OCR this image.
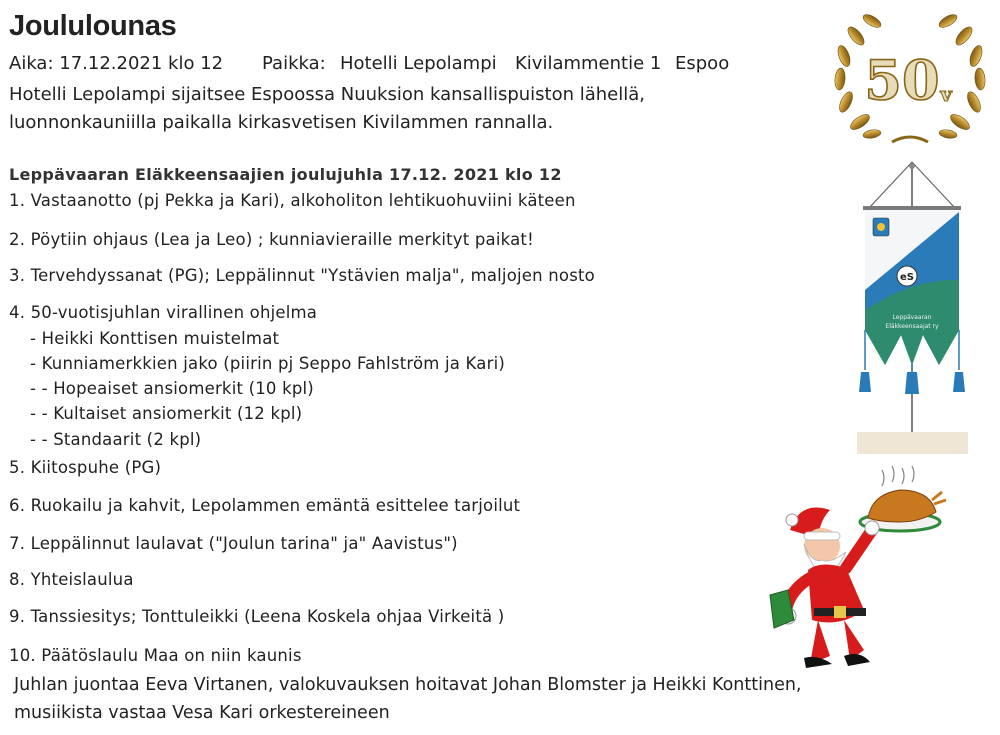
Joululounas
Aika: 17.12.2021 klo 12 Paikka: Hotelli Lepolampi Kivilammentie 1 Espoo
Hotelli Lepolampi sijaitsee Espoossa Nuuksion kansallispuiston lähellä,
luonnonkauniilla paikalla kirkasvetisen Kivilammen rannalla.
Leppävaaran Eläkkeensaajien joulujuhla 17.12. 2021 klo 12
1. Vastaanotto (pj Pekka ja Kari), alkoholiton lehtikuohuviini käteen
2. Pöytiin ohjaus (Lea ja Leo) ; kunniavieraille merkityt paikat!
3. Tervehdyssanat (PG); Leppälinnut "Ystävien malja", maljojen nosto
4. 50-vuotisjuhlan virallinen ohjelma
- Heikki Konttisen muistelmat
- Kunniamerkkien jako (piirin pj Seppo Fahlström ja Kari)
- - Hopeaiset ansiomerkit (10 kpl)
- - Kultaiset ansiomerkit (12 kpl)
- - Standaarit (2 kpl)
5. Kiitospuhe (PG)
6. Ruokailu ja kahvit, Lepolammen emäntä esittelee tarjoilut
7. Leppälinnut laulavat ("Joulun tarina" ja" Aavistus")
8. Yhteislaulua
9. Tanssiesitys; Tonttuleikki (Leena Koskela ohjaa Virkeitä )
10. Päätöslaulu Maa on niin kaunis
Juhlan juontaa Eeva Virtanen, valokuvauksen hoitavat Johan Blomster ja Heikki Konttinen,
musiikista vastaa Vesa Kari orkestereineen
50 v
eS
Leppävaaran
Eläkkeensaajat ry
